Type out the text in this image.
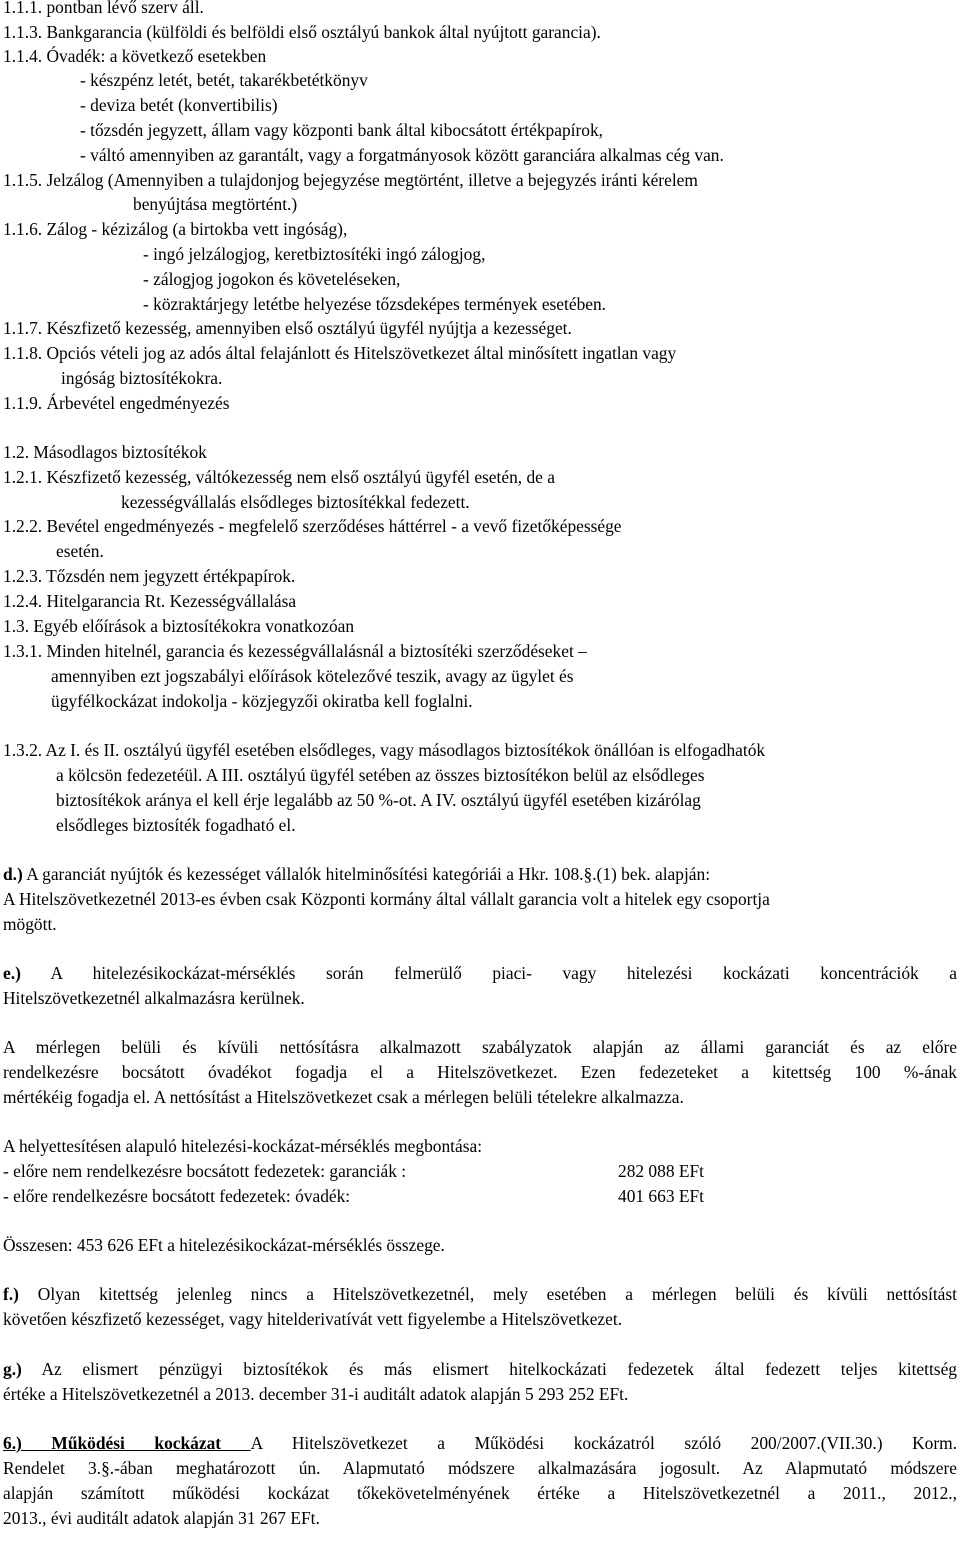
1.1.1. pontban lévő szerv áll.
1.1.3. Bankgarancia (külföldi és belföldi első osztályú bankok által nyújtott garancia).
1.1.4. Óvadék: a következő esetekben
- készpénz letét, betét, takarékbetétkönyv
- deviza betét (konvertibilis)
- tőzsdén jegyzett, állam vagy központi bank által kibocsátott értékpapírok,
- váltó amennyiben az garantált, vagy a forgatmányosok között garanciára alkalmas cég van.
1.1.5. Jelzálog (Amennyiben a tulajdonjog bejegyzése megtörtént, illetve a bejegyzés iránti kérelem
benyújtása megtörtént.)
1.1.6. Zálog - kézizálog (a birtokba vett ingóság),
- ingó jelzálogjog, keretbiztosítéki ingó zálogjog,
- zálogjog jogokon és követeléseken,
- közraktárjegy letétbe helyezése tőzsdeképes termények esetében.
1.1.7. Készfizető kezesség, amennyiben első osztályú ügyfél nyújtja a kezességet.
1.1.8. Opciós vételi jog az adós által felajánlott és Hitelszövetkezet által minősített ingatlan vagy
ingóság biztosítékokra.
1.1.9. Árbevétel engedményezés
1.2. Másodlagos biztosítékok
1.2.1. Készfizető kezesség, váltókezesség nem első osztályú ügyfél esetén, de a
kezességvállalás elsődleges biztosítékkal fedezett.
1.2.2. Bevétel engedményezés - megfelelő szerződéses háttérrel - a vevő fizetőképessége
esetén.
1.2.3. Tőzsdén nem jegyzett értékpapírok.
1.2.4. Hitelgarancia Rt. Kezességvállalása
1.3. Egyéb előírások a biztosítékokra vonatkozóan
1.3.1. Minden hitelnél, garancia és kezességvállalásnál a biztosítéki szerződéseket –
amennyiben ezt jogszabályi előírások kötelezővé teszik, avagy az ügylet és
ügyfélkockázat indokolja - közjegyzői okiratba kell foglalni.
1.3.2. Az I. és II. osztályú ügyfél esetében elsődleges, vagy másodlagos biztosítékok önállóan is elfogadhatók
a kölcsön fedezetéül. A III. osztályú ügyfél setében az összes biztosítékon belül az elsődleges
biztosítékok aránya el kell érje legalább az 50 %-ot. A IV. osztályú ügyfél esetében kizárólag
elsődleges biztosíték fogadható el.
d.) A garanciát nyújtók és kezességet vállalók hitelminősítési kategóriái a Hkr. 108.§.(1) bek. alapján:
A Hitelszövetkezetnél 2013-es évben csak Központi kormány által vállalt garancia volt a hitelek egy csoportja
mögött.
e.) A hitelezésikockázat-mérséklés során felmerülő piaci- vagy hitelezési kockázati koncentrációk a
Hitelszövetkezetnél alkalmazásra kerülnek.
A mérlegen belüli és kívüli nettósításra alkalmazott szabályzatok alapján az állami garanciát és az előre
rendelkezésre bocsátott óvadékot fogadja el a Hitelszövetkezet. Ezen fedezeteket a kitettség 100 %-ának
mértékéig fogadja el. A nettósítást a Hitelszövetkezet csak a mérlegen belüli tételekre alkalmazza.
A helyettesítésen alapuló hitelezési-kockázat-mérséklés megbontása:
- előre nem rendelkezésre bocsátott fedezetek: garanciák :	282 088 EFt
- előre rendelkezésre bocsátott fedezetek: óvadék:	401 663 EFt
Összesen: 453 626 EFt a hitelezésikockázat-mérséklés összege.
f.) Olyan kitettség jelenleg nincs a Hitelszövetkezetnél, mely esetében a mérlegen belüli és kívüli nettósítást
követően készfizető kezességet, vagy hitelderivatívát vett figyelembe a Hitelszövetkezet.
g.) Az elismert pénzügyi biztosítékok és más elismert hitelkockázati fedezetek által fedezett teljes kitettség
értéke a Hitelszövetkezetnél a 2013. december 31-i auditált adatok alapján 5 293 252 EFt.
6.) Működési kockázat A Hitelszövetkezet a Működési kockázatról szóló 200/2007.(VII.30.) Korm.
Rendelet 3.§.-ában meghatározott ún. Alapmutató módszere alkalmazására jogosult. Az Alapmutató módszere
alapján számított működési kockázat tőkekövetelményének értéke a Hitelszövetkezetnél a 2011., 2012.,
2013., évi auditált adatok alapján 31 267 EFt.
